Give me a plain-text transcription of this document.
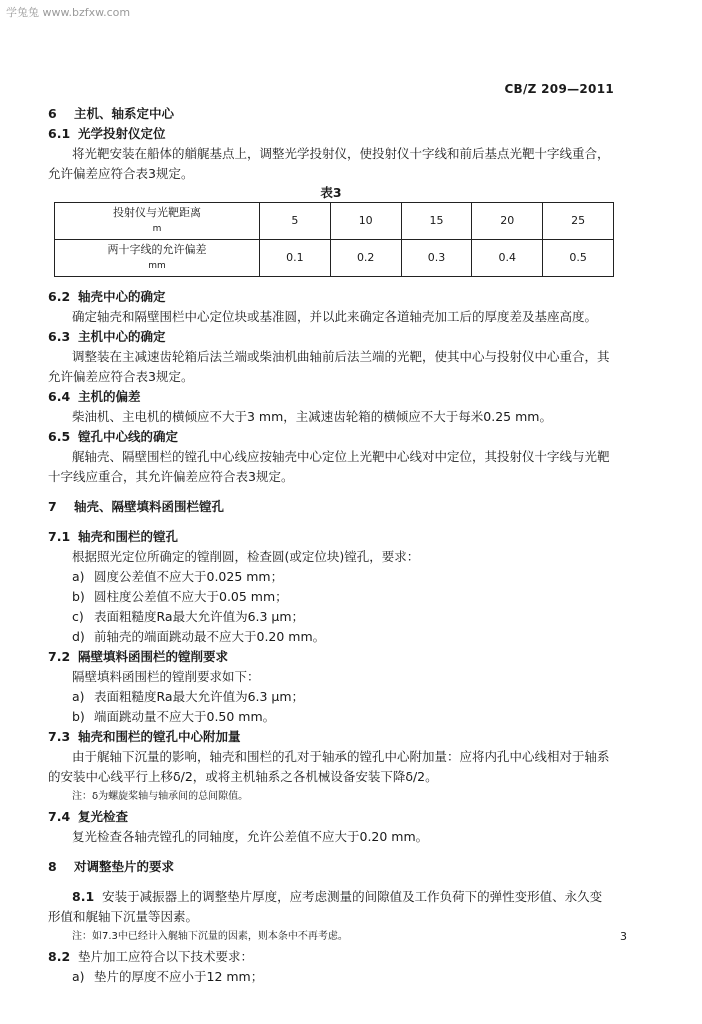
学兔兔 www.bzfxw.com
CB/Z 209—2011
6	主机、轴系定中心
6.1 光学投射仪定位
将光靶安装在船体的艏艉基点上，调整光学投射仪，使投射仪十字线和前后基点光靶十字线重合，允许偏差应符合表3规定。
表3
投射仪与光靶距离
m	5	10	15	20	25
两十字线的允许偏差
mm	0.1	0.2	0.3	0.4	0.5
6.2 轴壳中心的确定
确定轴壳和隔壁围栏中心定位块或基准圆，并以此来确定各道轴壳加工后的厚度差及基座高度。
6.3 主机中心的确定
调整装在主减速齿轮箱后法兰端或柴油机曲轴前后法兰端的光靶，使其中心与投射仪中心重合，其允许偏差应符合表3规定。
6.4 主机的偏差
柴油机、主电机的横倾应不大于3 mm，主减速齿轮箱的横倾应不大于每米0.25 mm。
6.5 镗孔中心线的确定
艉轴壳、隔壁围栏的镗孔中心线应按轴壳中心定位上光靶中心线对中定位，其投射仪十字线与光靶十字线应重合，其允许偏差应符合表3规定。
7	轴壳、隔壁填料函围栏镗孔
7.1 轴壳和围栏的镗孔
根据照光定位所确定的镗削圆，检查圆(或定位块)镗孔，要求：
a) 圆度公差值不应大于0.025 mm；
b) 圆柱度公差值不应大于0.05 mm；
c) 表面粗糙度Ra最大允许值为6.3 μm；
d) 前轴壳的端面跳动最不应大于0.20 mm。
7.2 隔壁填料函围栏的镗削要求
隔壁填料函围栏的镗削要求如下：
a) 表面粗糙度Ra最大允许值为6.3 μm；
b) 端面跳动量不应大于0.50 mm。
7.3 轴壳和围栏的镗孔中心附加量
由于艉轴下沉量的影响，轴壳和围栏的孔对于轴承的镗孔中心附加量：应将内孔中心线相对于轴系的安装中心线平行上移δ/2，或将主机轴系之各机械设备安装下降δ/2。
注：δ为螺旋桨轴与轴承间的总间隙值。
7.4 复光检查
复光检查各轴壳镗孔的同轴度，允许公差值不应大于0.20 mm。
8	对调整垫片的要求
8.1 安装于减振器上的调整垫片厚度，应考虑测量的间隙值及工作负荷下的弹性变形值、永久变形值和艉轴下沉量等因素。
注：如7.3中已经计入艉轴下沉量的因素，则本条中不再考虑。
8.2 垫片加工应符合以下技术要求：
a) 垫片的厚度不应小于12 mm；
3
